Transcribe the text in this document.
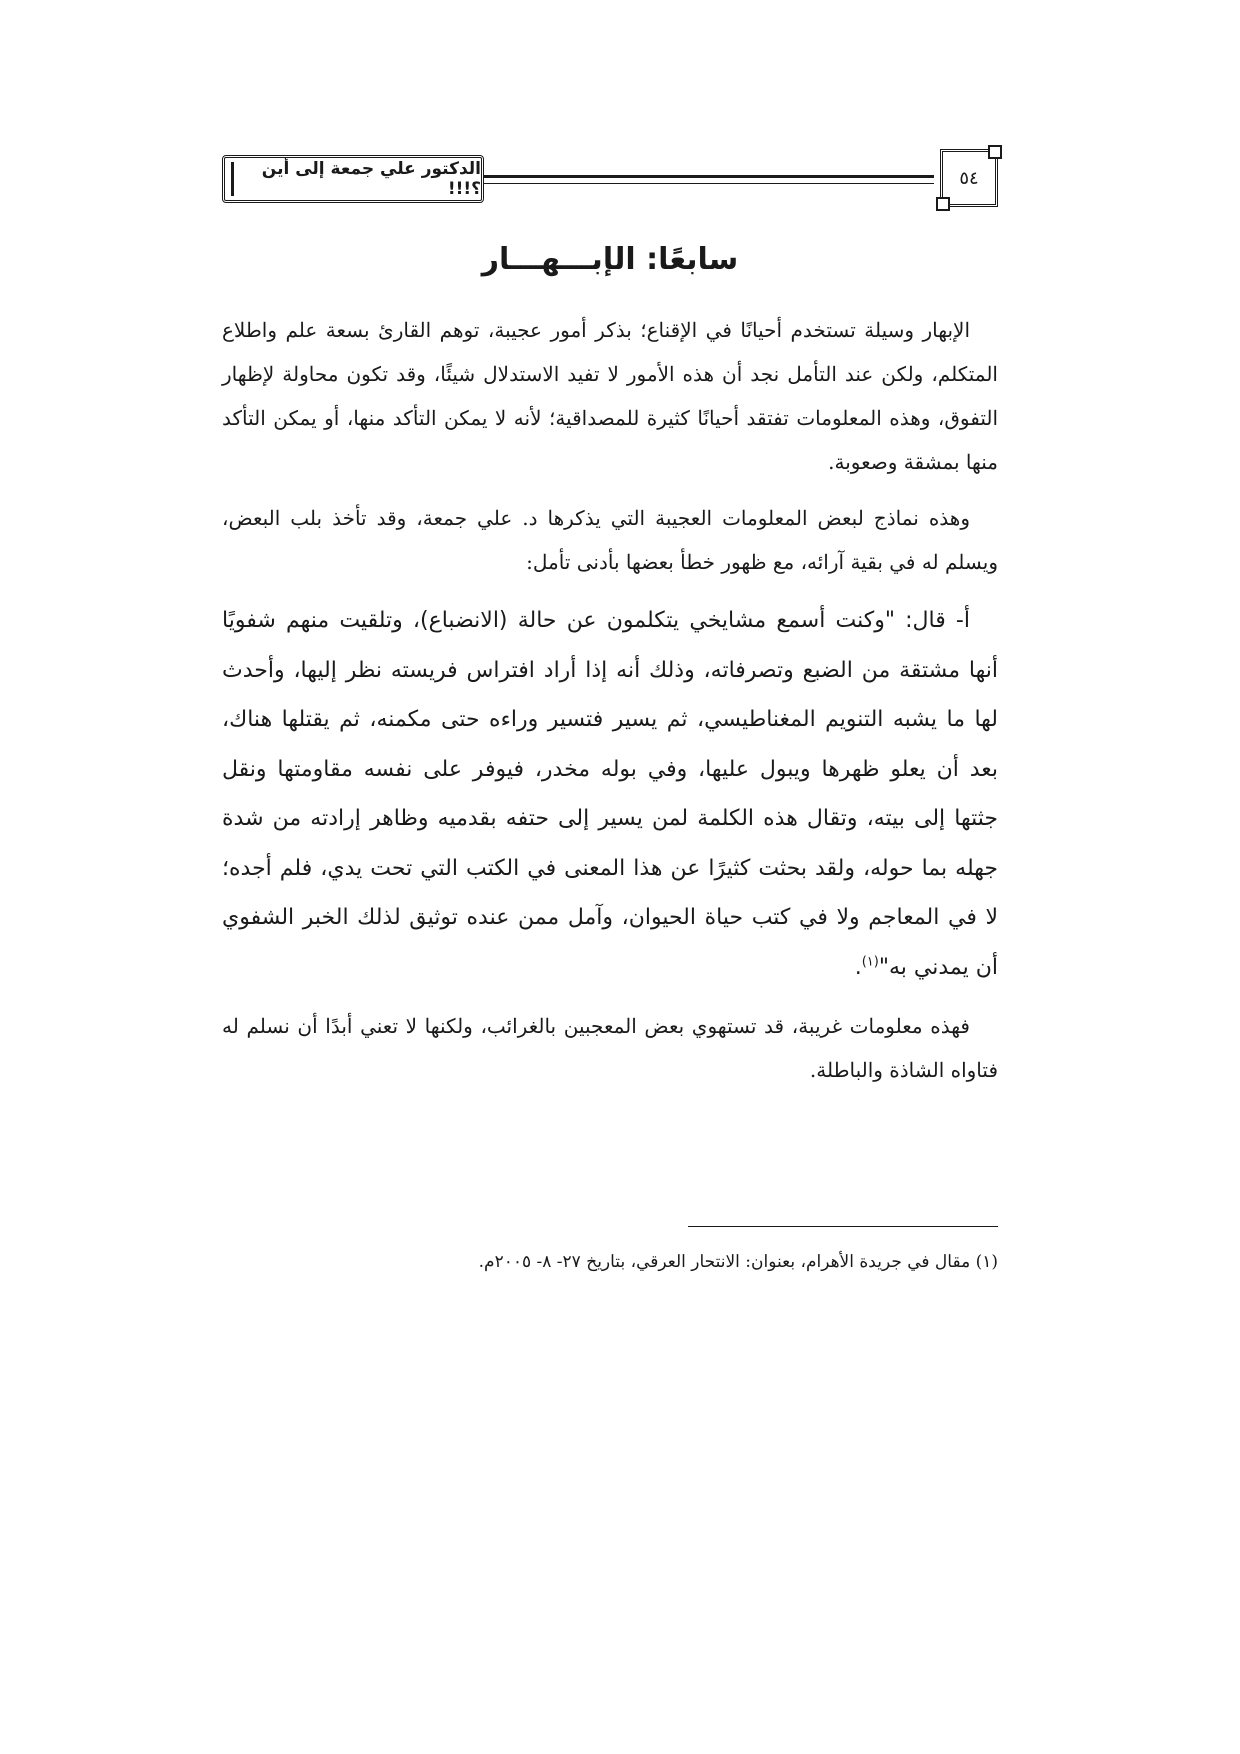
الدكتور علي جمعة إلى أين ؟!!!
٥٤
سابعًا: الإبـــهـــار

الإبهار وسيلة تستخدم أحيانًا في الإقناع؛ بذكر أمور عجيبة، توهم القارئ بسعة علم واطلاع المتكلم، ولكن عند التأمل نجد أن هذه الأمور لا تفيد الاستدلال شيئًا، وقد تكون محاولة لإظهار التفوق، وهذه المعلومات تفتقد أحيانًا كثيرة للمصداقية؛ لأنه لا يمكن التأكد منها، أو يمكن التأكد منها بمشقة وصعوبة.

وهذه نماذج لبعض المعلومات العجيبة التي يذكرها د. علي جمعة، وقد تأخذ بلب البعض، ويسلم له في بقية آرائه، مع ظهور خطأ بعضها بأدنى تأمل:

أ- قال: "وكنت أسمع مشايخي يتكلمون عن حالة (الانضباع)، وتلقيت منهم شفويًا أنها مشتقة من الضبع وتصرفاته، وذلك أنه إذا أراد افتراس فريسته نظر إليها، وأحدث لها ما يشبه التنويم المغناطيسي، ثم يسير فتسير وراءه حتى مكمنه، ثم يقتلها هناك، بعد أن يعلو ظهرها ويبول عليها، وفي بوله مخدر، فيوفر على نفسه مقاومتها ونقل جثتها إلى بيته، وتقال هذه الكلمة لمن يسير إلى حتفه بقدميه وظاهر إرادته من شدة جهله بما حوله، ولقد بحثت كثيرًا عن هذا المعنى في الكتب التي تحت يدي، فلم أجده؛ لا في المعاجم ولا في كتب حياة الحيوان، وآمل ممن عنده توثيق لذلك الخبر الشفوي أن يمدني به"$^{(١)}$.

فهذه معلومات غريبة، قد تستهوي بعض المعجبين بالغرائب، ولكنها لا تعني أبدًا أن نسلم له فتاواه الشاذة والباطلة.

(١) مقال في جريدة الأهرام، بعنوان: الانتحار العرقي، بتاريخ ٢٧- ٨- ٢٠٠٥م.
